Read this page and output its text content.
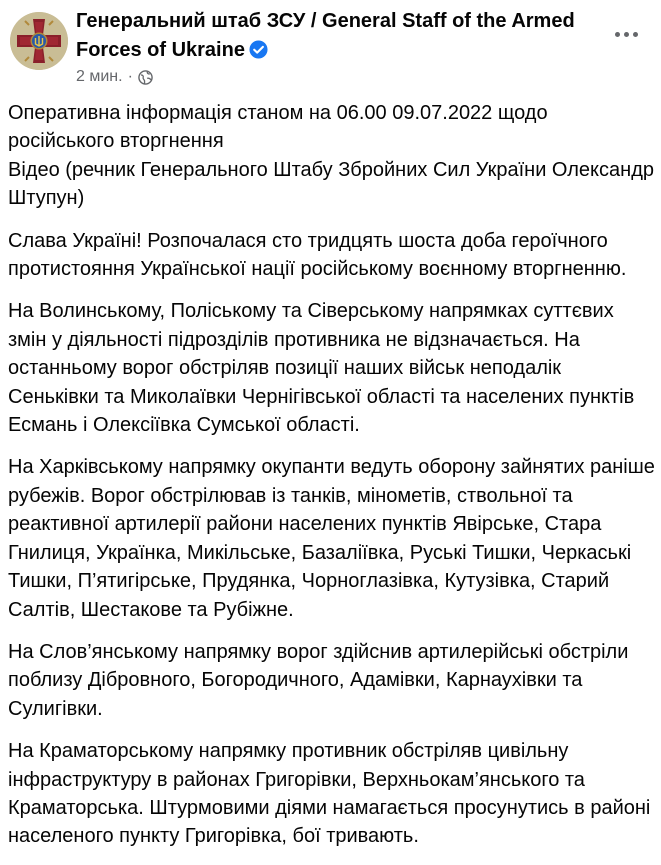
Генеральний штаб ЗСУ / General Staff of the Armed Forces of Ukraine
2 мин. ·

Оперативна інформація станом на 06.00 09.07.2022 щодо російського вторгнення
Відео (речник Генерального Штабу Збройних Сил України Олександр Штупун)

Слава Україні! Розпочалася сто тридцять шоста доба героїчного протистояння Української нації російському воєнному вторгненню.

На Волинському, Поліському та Сіверському напрямках суттєвих змін у діяльності підрозділів противника не відзначається. На останньому ворог обстріляв позиції наших військ неподалік Сеньківки та Миколаївки Чернігівської області та населених пунктів Есмань і Олексіївка Сумської області.

На Харківському напрямку окупанти ведуть оборону зайнятих раніше рубежів. Ворог обстрілював із танків, мінометів, ствольної та реактивної артилерії райони населених пунктів Явірське, Стара Гнилиця, Українка, Микільське, Базаліївка, Руські Тишки, Черкаські Тишки, П’ятигірське, Прудянка, Чорноглазівка, Кутузівка, Старий Салтів, Шестакове та Рубіжне.

На Слов’янському напрямку ворог здійснив артилерійські обстріли поблизу Дібровного, Богородичного, Адамівки, Карнаухівки та Сулигівки.

На Краматорському напрямку противник обстріляв цивільну інфраструктуру в районах Григорівки, Верхньокам’янського та Краматорська. Штурмовими діями намагається просунутись в районі населеного пункту Григорівка, бої тривають.
